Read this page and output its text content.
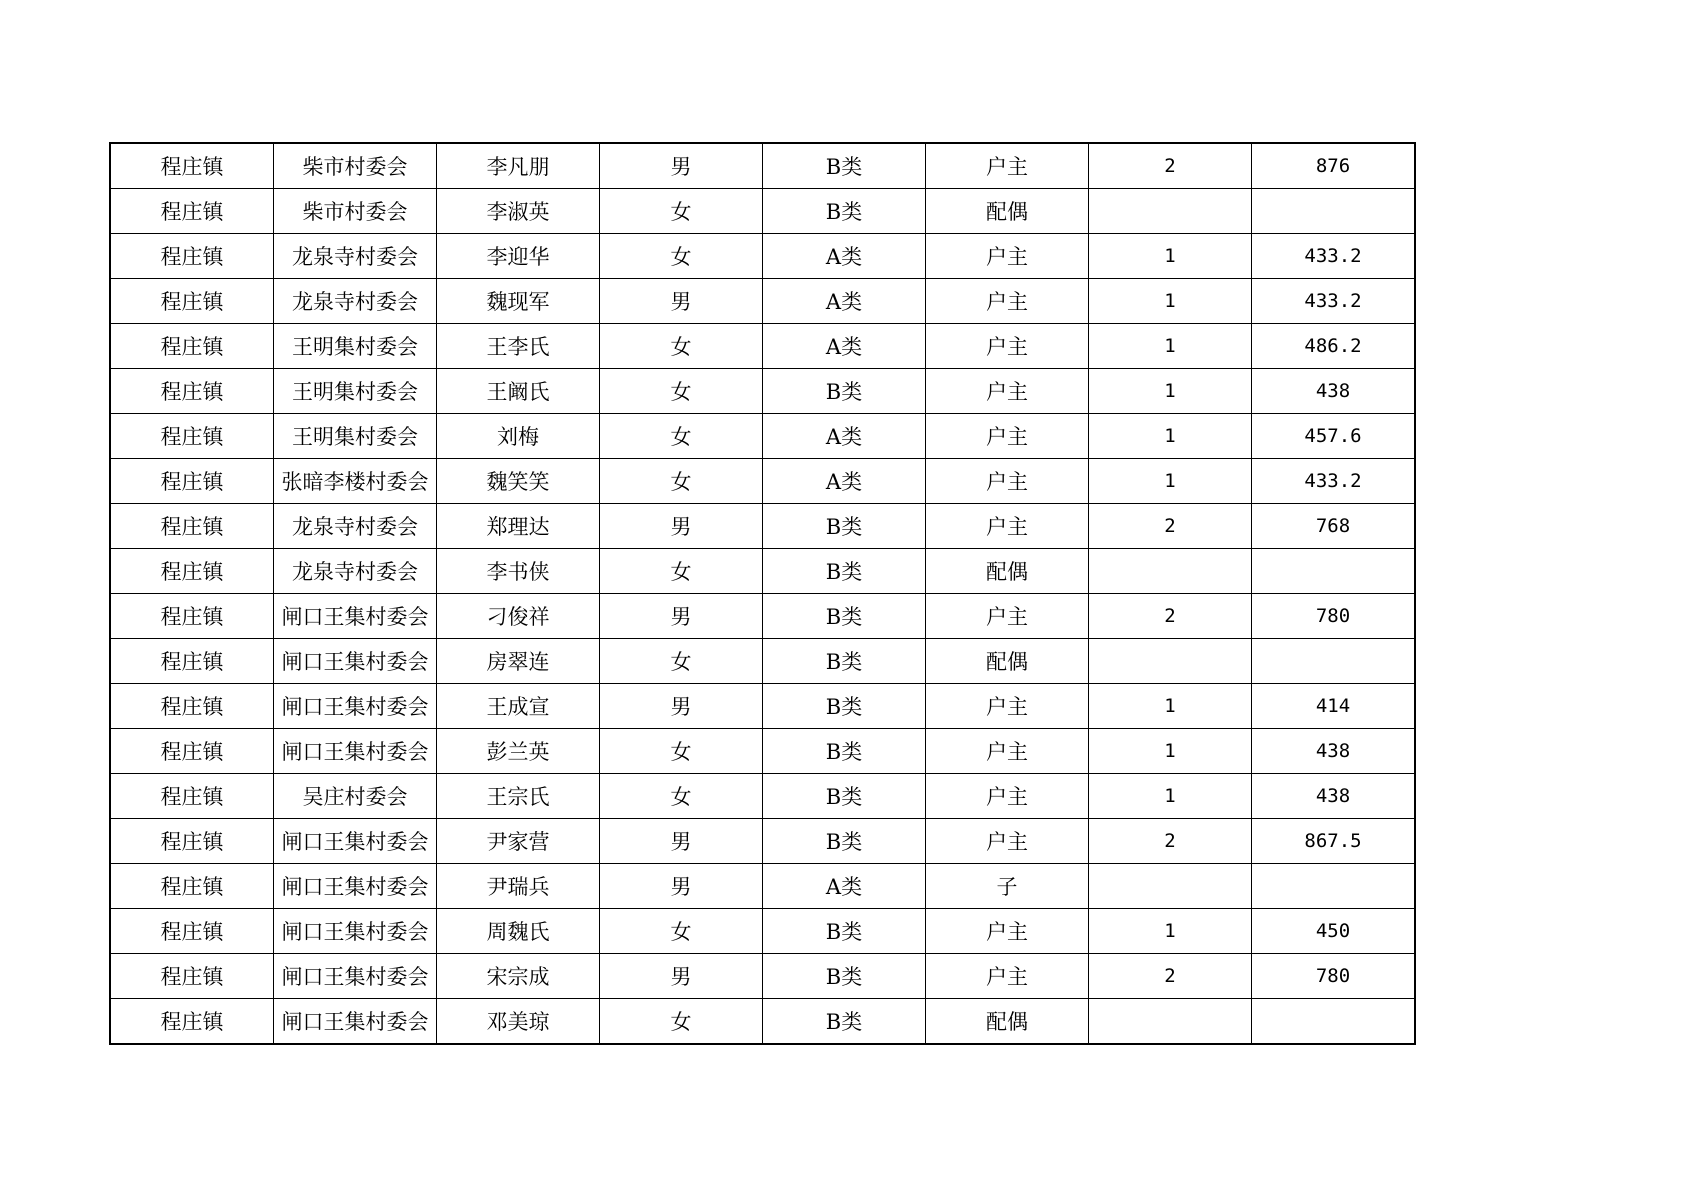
程庄镇	柴市村委会	李凡朋	男	B类	户主	2	876
程庄镇	柴市村委会	李淑英	女	B类	配偶		
程庄镇	龙泉寺村委会	李迎华	女	A类	户主	1	433.2
程庄镇	龙泉寺村委会	魏现军	男	A类	户主	1	433.2
程庄镇	王明集村委会	王李氏	女	A类	户主	1	486.2
程庄镇	王明集村委会	王阚氏	女	B类	户主	1	438
程庄镇	王明集村委会	刘梅	女	A类	户主	1	457.6
程庄镇	张暗李楼村委会	魏笑笑	女	A类	户主	1	433.2
程庄镇	龙泉寺村委会	郑理达	男	B类	户主	2	768
程庄镇	龙泉寺村委会	李书侠	女	B类	配偶		
程庄镇	闸口王集村委会	刁俊祥	男	B类	户主	2	780
程庄镇	闸口王集村委会	房翠连	女	B类	配偶		
程庄镇	闸口王集村委会	王成宣	男	B类	户主	1	414
程庄镇	闸口王集村委会	彭兰英	女	B类	户主	1	438
程庄镇	吴庄村委会	王宗氏	女	B类	户主	1	438
程庄镇	闸口王集村委会	尹家营	男	B类	户主	2	867.5
程庄镇	闸口王集村委会	尹瑞兵	男	A类	子		
程庄镇	闸口王集村委会	周魏氏	女	B类	户主	1	450
程庄镇	闸口王集村委会	宋宗成	男	B类	户主	2	780
程庄镇	闸口王集村委会	邓美琼	女	B类	配偶		
